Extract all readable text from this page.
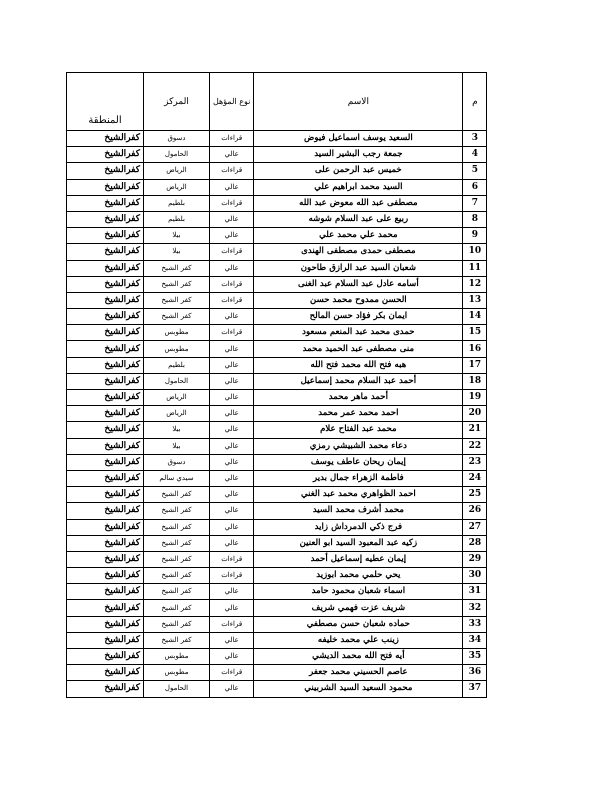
المنطقة	المركز	نوع المؤهل	الاسم	م
كفرالشيخ	دسوق	قراءات	السعيد يوسف اسماعيل فيوض	3
كفرالشيخ	الحامول	عالي	جمعة رجب البشير السيد	4
كفرالشيخ	الرياض	قراءات	خميس عبد الرحمن على	5
كفرالشيخ	الرياض	عالي	السيد محمد ابراهيم علي	6
كفرالشيخ	بلطيم	قراءات	مصطفى عبد الله معوض عبد الله	7
كفرالشيخ	بلطيم	عالي	ربيع على عبد السلام شوشه	8
كفرالشيخ	بيلا	عالي	محمد علي محمد علي	9
كفرالشيخ	بيلا	قراءات	مصطفى حمدى مصطفى الهندى	10
كفرالشيخ	كفر الشيخ	عالي	شعبان السيد عبد الرازق طاحون	11
كفرالشيخ	كفر الشيخ	قراءات	أسامه عادل عبد السلام عبد الغنى	12
كفرالشيخ	كفر الشيخ	قراءات	الحسن ممدوح محمد حسن	13
كفرالشيخ	كفر الشيخ	عالي	ايمان بكر فؤاد حسن المالح	14
كفرالشيخ	مطوبس	قراءات	حمدى محمد عبد المنعم مسعود	15
كفرالشيخ	مطوبس	عالي	منى مصطفى عبد الحميد محمد	16
كفرالشيخ	بلطيم	عالي	هبه فتح الله محمد فتح الله	17
كفرالشيخ	الحامول	عالي	أحمد عبد السلام محمد إسماعيل	18
كفرالشيخ	الرياض	عالي	أحمد ماهر محمد	19
كفرالشيخ	الرياض	عالي	احمد محمد عمر محمد	20
كفرالشيخ	بيلا	عالي	محمد عبد الفتاح علام	21
كفرالشيخ	بيلا	عالي	دعاء محمد الشبيشي رمزي	22
كفرالشيخ	دسوق	عالي	إيمان ريحان عاطف يوسف	23
كفرالشيخ	سيدي سالم	عالي	فاطمة الزهراء جمال بدير	24
كفرالشيخ	كفر الشيخ	عالي	احمد الظواهري محمد عبد الغني	25
كفرالشيخ	كفر الشيخ	عالي	محمد أشرف محمد السيد	26
كفرالشيخ	كفر الشيخ	عالي	فرج ذكي الدمرداش زايد	27
كفرالشيخ	كفر الشيخ	عالي	زكيه عبد المعبود السيد ابو العنين	28
كفرالشيخ	كفر الشيخ	قراءات	إيمان عطيه إسماعيل أحمد	29
كفرالشيخ	كفر الشيخ	قراءات	يحي حلمي محمد ابوزيد	30
كفرالشيخ	كفر الشيخ	عالي	اسماء شعبان محمود حامد	31
كفرالشيخ	كفر الشيخ	عالي	شريف عزت فهمي شريف	32
كفرالشيخ	كفر الشيخ	قراءات	حماده شعبان حسن مصطفي	33
كفرالشيخ	كفر الشيخ	عالي	زينب علي محمد خليفه	34
كفرالشيخ	مطوبس	عالي	أيه فتح الله محمد الديشي	35
كفرالشيخ	مطوبس	قراءات	عاصم الحسيني محمد جعفر	36
كفرالشيخ	الحامول	عالي	محمود السعيد السيد الشربيني	37
